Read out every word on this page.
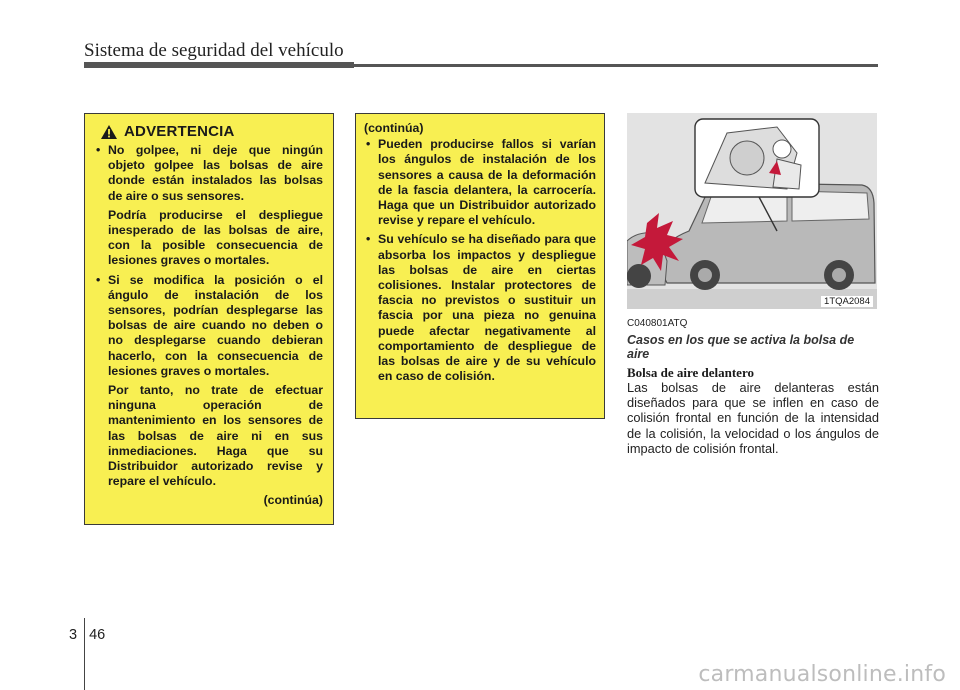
Sistema de seguridad del vehículo
ADVERTENCIA
• No golpee, ni deje que ningún objeto golpee las bolsas de aire donde están instalados las bolsas de aire o sus sensores.
Podría producirse el despliegue inesperado de las bolsas de aire, con la posible consecuencia de lesiones graves o mortales.
• Si se modifica la posición o el ángulo de instalación de los sensores, podrían desplegarse las bolsas de aire cuando no deben o no desplegarse cuando debieran hacerlo, con la consecuencia de lesiones graves o mortales.
Por tanto, no trate de efectuar ninguna operación de mantenimiento en los sensores de las bolsas de aire ni en sus inmediaciones. Haga que su Distribuidor autorizado revise y repare el vehículo.
(continúa)
(continúa)
• Pueden producirse fallos si varían los ángulos de instalación de los sensores a causa de la deformación de la fascia delantera, la carrocería. Haga que un Distribuidor autorizado revise y repare el vehículo.
• Su vehículo se ha diseñado para que absorba los impactos y despliegue las bolsas de aire en ciertas colisiones. Instalar protectores de fascia no previstos o sustituir un fascia por una pieza no genuina puede afectar negativamente al comportamiento de despliegue de las bolsas de aire y de su vehículo en caso de colisión.
1TQA2084
C040801ATQ
Casos en los que se activa la bolsa de aire
Bolsa de aire delantero
Las bolsas de aire delanteras están diseñados para que se inflen en caso de colisión frontal en función de la intensidad de la colisión, la velocidad o los ángulos de impacto de colisión frontal.
3 46
carmanualsonline.info
